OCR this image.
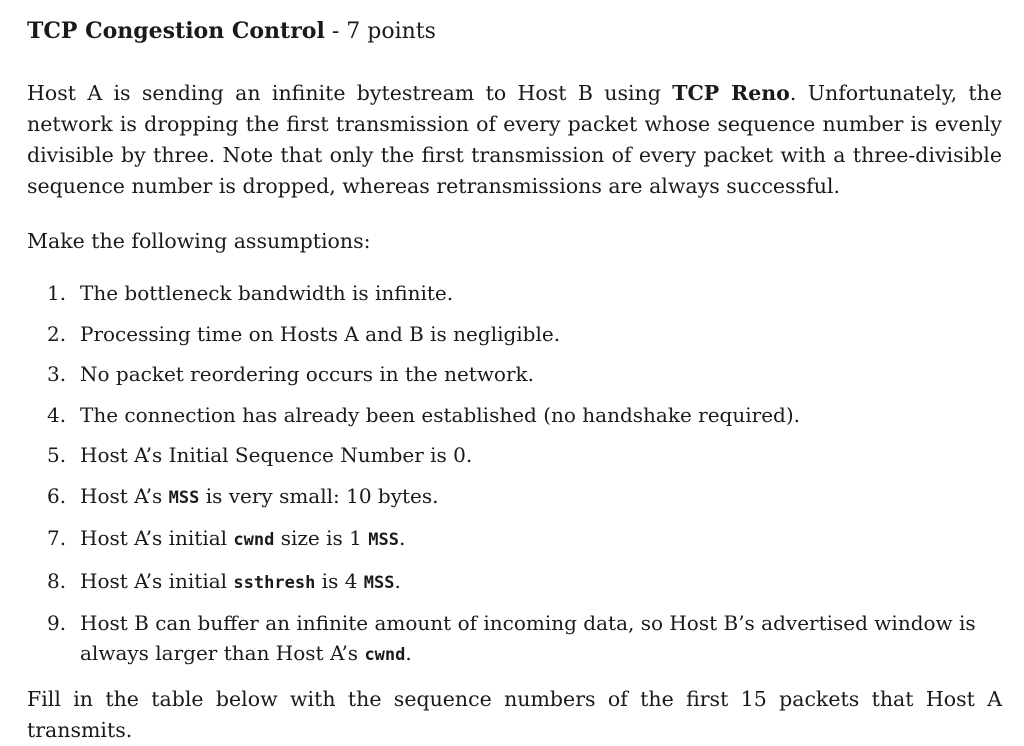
TCP Congestion Control - 7 points

Host A is sending an infinite bytestream to Host B using TCP Reno. Unfortunately, the network is dropping the first transmission of every packet whose sequence number is evenly divisible by three. Note that only the first transmission of every packet with a three-divisible sequence number is dropped, whereas retransmissions are always successful.

Make the following assumptions:
1. The bottleneck bandwidth is infinite.
2. Processing time on Hosts A and B is negligible.
3. No packet reordering occurs in the network.
4. The connection has already been established (no handshake required).
5. Host A’s Initial Sequence Number is 0.
6. Host A’s MSS is very small: 10 bytes.
7. Host A’s initial cwnd size is 1 MSS.
8. Host A’s initial ssthresh is 4 MSS.
9. Host B can buffer an infinite amount of incoming data, so Host B’s advertised window is always larger than Host A’s cwnd.

Fill in the table below with the sequence numbers of the first 15 packets that Host A transmits.
